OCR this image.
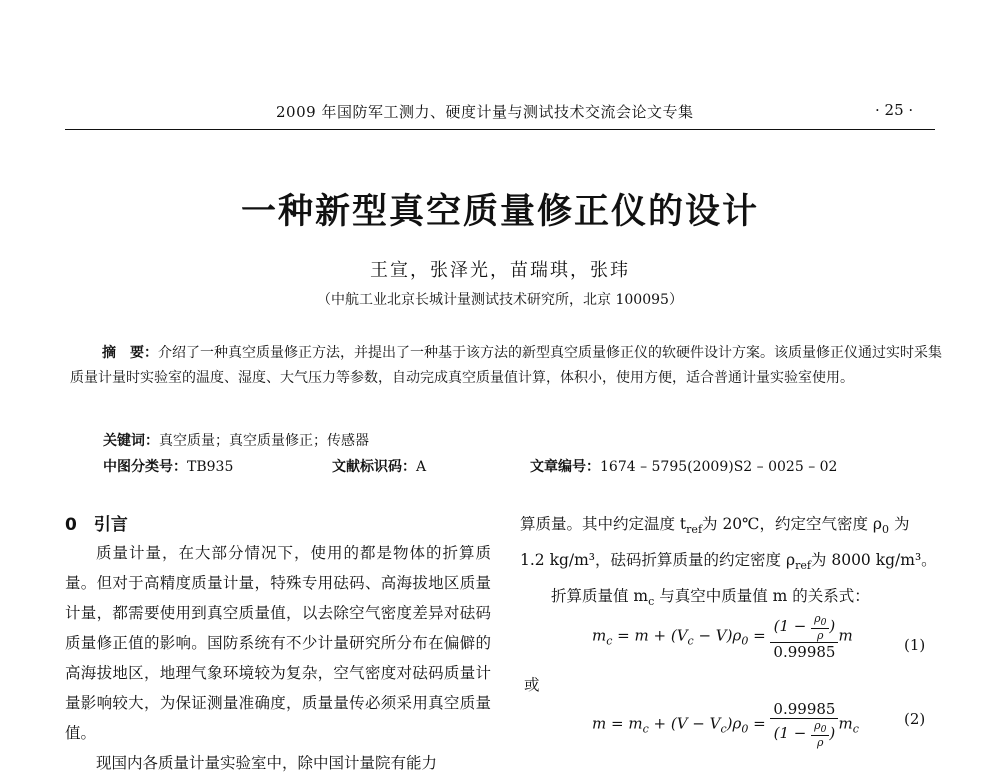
2009 年国防军工测力、硬度计量与测试技术交流会论文专集	· 25 ·
一种新型真空质量修正仪的设计
王宣，张泽光，苗瑞琪，张玮
（中航工业北京长城计量测试技术研究所，北京 100095）
摘　要：介绍了一种真空质量修正方法，并提出了一种基于该方法的新型真空质量修正仪的软硬件设计方案。该质量修正仪通过实时采集质量计量时实验室的温度、湿度、大气压力等参数，自动完成真空质量值计算，体积小，使用方便，适合普通计量实验室使用。
关键词：真空质量；真空质量修正；传感器
中图分类号：TB935	文献标识码：A	文章编号：1674 – 5795(2009)S2 – 0025 – 02
0　引言

质量计量，在大部分情况下，使用的都是物体的折算质量。但对于高精度质量计量，特殊专用砝码、高海拔地区质量计量，都需要使用到真空质量值，以去除空气密度差异对砝码质量修正值的影响。国防系统有不少计量研究所分布在偏僻的高海拔地区，地理气象环境较为复杂，空气密度对砝码质量计量影响较大，为保证测量准确度，质量量传必须采用真空质量值。

现国内各质量计量实验室中，除中国计量院有能力

算质量。其中约定温度 $t_{ref}$为 20℃，约定空气密度 $\rho_0$ 为

1.2 kg/m³，砝码折算质量的约定密度 $\rho_{ref}$为 8000 kg/m³。

折算质量值 $m_c$ 与真空中质量值 m 的关系式：

$m_c = m + (V_c - V)\rho_0 = \frac{(1 - \frac{\rho_0}{\rho} )}{0.99985}$ m
(1)
或
$m = m_c + (V - V_c)\rho_0 = \frac{0.99985}{(1 - \frac{\rho_0}{\rho} )} m_c$
(2)
